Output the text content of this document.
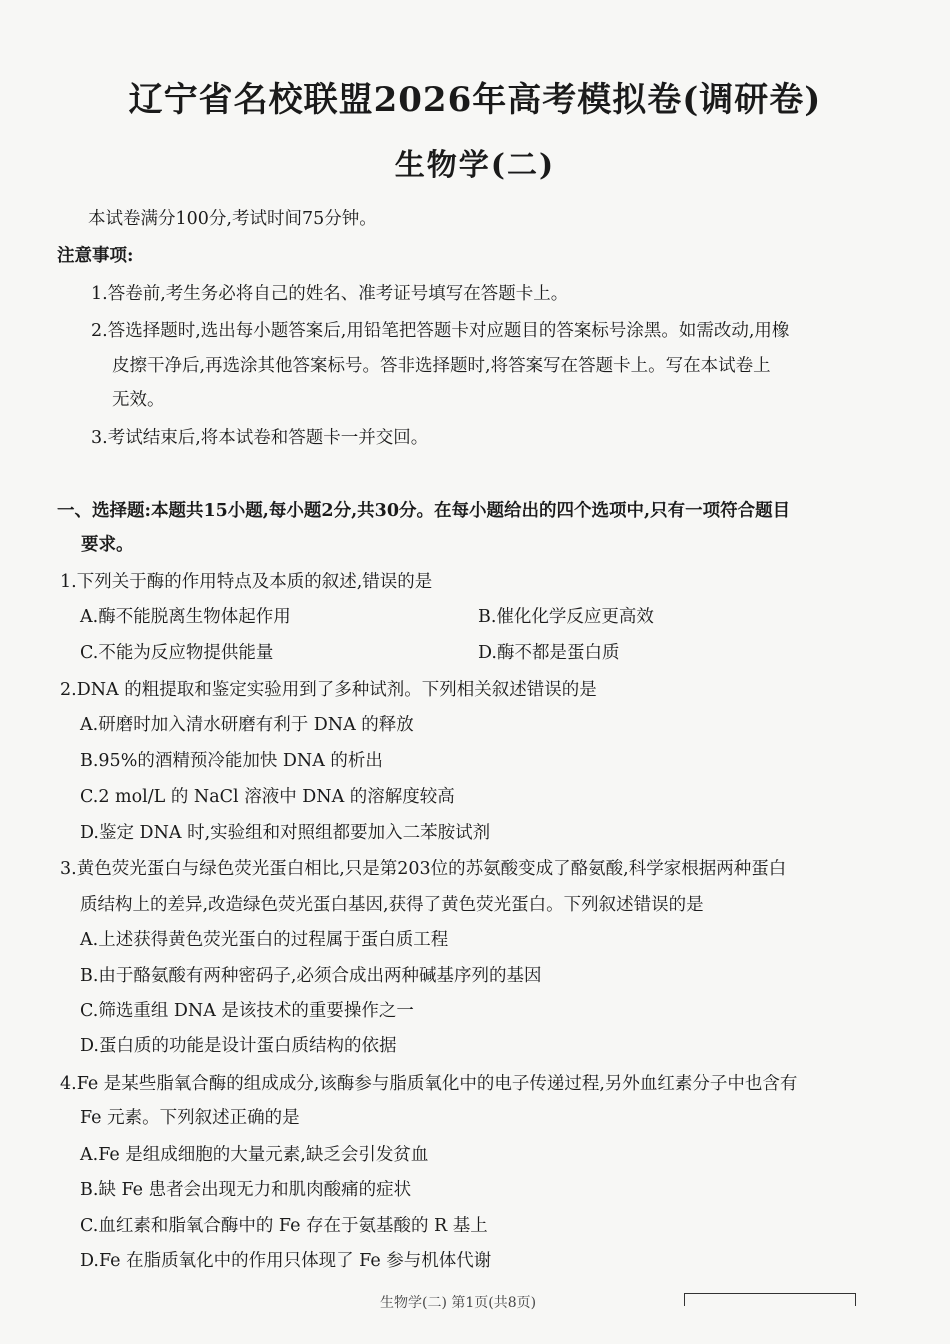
辽宁省名校联盟2026年高考模拟卷(调研卷)
生物学(二)
本试卷满分100分,考试时间75分钟。
注意事项:
1.答卷前,考生务必将自己的姓名、准考证号填写在答题卡上。
2.答选择题时,选出每小题答案后,用铅笔把答题卡对应题目的答案标号涂黑。如需改动,用橡
皮擦干净后,再选涂其他答案标号。答非选择题时,将答案写在答题卡上。写在本试卷上
无效。
3.考试结束后,将本试卷和答题卡一并交回。
一、选择题:本题共15小题,每小题2分,共30分。在每小题给出的四个选项中,只有一项符合题目
要求。
1.下列关于酶的作用特点及本质的叙述,错误的是
A.酶不能脱离生物体起作用	B.催化化学反应更高效
C.不能为反应物提供能量	D.酶不都是蛋白质
2.DNA 的粗提取和鉴定实验用到了多种试剂。下列相关叙述错误的是
A.研磨时加入清水研磨有利于 DNA 的释放
B.95%的酒精预冷能加快 DNA 的析出
C.2 mol/L 的 NaCl 溶液中 DNA 的溶解度较高
D.鉴定 DNA 时,实验组和对照组都要加入二苯胺试剂
3.黄色荧光蛋白与绿色荧光蛋白相比,只是第203位的苏氨酸变成了酪氨酸,科学家根据两种蛋白
质结构上的差异,改造绿色荧光蛋白基因,获得了黄色荧光蛋白。下列叙述错误的是
A.上述获得黄色荧光蛋白的过程属于蛋白质工程
B.由于酪氨酸有两种密码子,必须合成出两种碱基序列的基因
C.筛选重组 DNA 是该技术的重要操作之一
D.蛋白质的功能是设计蛋白质结构的依据
4.Fe 是某些脂氧合酶的组成成分,该酶参与脂质氧化中的电子传递过程,另外血红素分子中也含有
Fe 元素。下列叙述正确的是
A.Fe 是组成细胞的大量元素,缺乏会引发贫血
B.缺 Fe 患者会出现无力和肌肉酸痛的症状
C.血红素和脂氧合酶中的 Fe 存在于氨基酸的 R 基上
D.Fe 在脂质氧化中的作用只体现了 Fe 参与机体代谢
生物学(二) 第1页(共8页)
